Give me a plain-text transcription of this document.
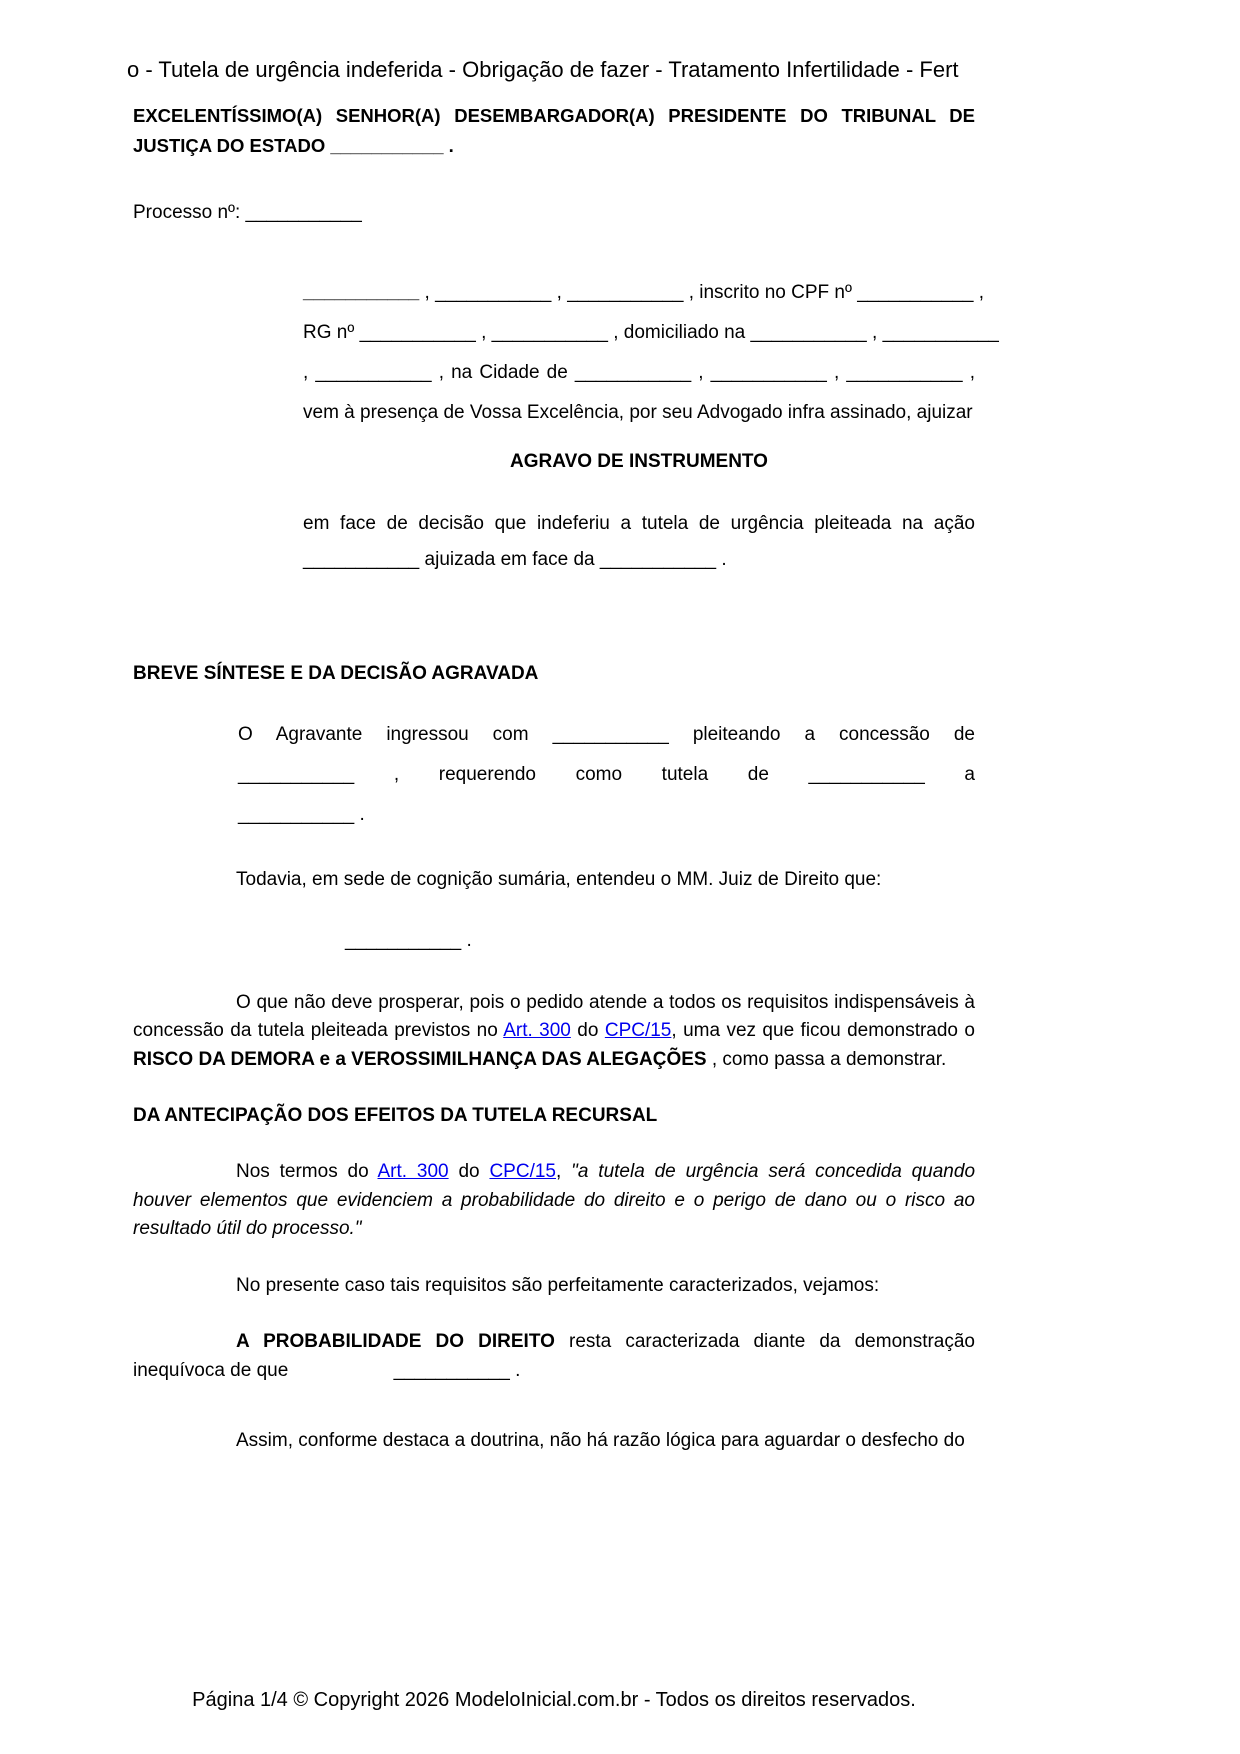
o - Tutela de urgência indeferida - Obrigação de fazer - Tratamento Infertilidade - Fert
EXCELENTÍSSIMO(A) SENHOR(A) DESEMBARGADOR(A) PRESIDENTE DO TRIBUNAL DE
JUSTIÇA DO ESTADO ___________ .
Processo nº: ___________
___________ , ___________ , ___________ , inscrito no CPF nº ___________ ,
RG nº ___________ , ___________ , domiciliado na ___________ , ___________
, ___________ , na Cidade de ___________ , ___________ , ___________ ,
vem à presença de Vossa Excelência, por seu Advogado infra assinado, ajuizar
AGRAVO DE INSTRUMENTO
em face de decisão que indeferiu a tutela de urgência pleiteada na ação
___________ ajuizada em face da ___________ .
BREVE SÍNTESE E DA DECISÃO AGRAVADA
O Agravante ingressou com ___________ pleiteando a concessão de
___________ , requerendo como tutela de ___________ a
___________ .

Todavia, em sede de cognição sumária, entendeu o MM. Juiz de Direito que:

___________ .

O que não deve prosperar, pois o pedido atende a todos os requisitos indispensáveis à concessão da tutela pleiteada previstos no Art. 300 do CPC/15, uma vez que ficou demonstrado o RISCO DA DEMORA e a VEROSSIMILHANÇA DAS ALEGAÇÕES , como passa a demonstrar.

DA ANTECIPAÇÃO DOS EFEITOS DA TUTELA RECURSAL

Nos termos do Art. 300 do CPC/15, "a tutela de urgência será concedida quando houver elementos que evidenciem a probabilidade do direito e o perigo de dano ou o risco ao resultado útil do processo."

No presente caso tais requisitos são perfeitamente caracterizados, vejamos:

A PROBABILIDADE DO DIREITO resta caracterizada diante da demonstração inequívoca de que	___________ .

Assim, conforme destaca a doutrina, não há razão lógica para aguardar o desfecho do

Página 1/4 © Copyright 2026 ModeloInicial.com.br - Todos os direitos reservados.
